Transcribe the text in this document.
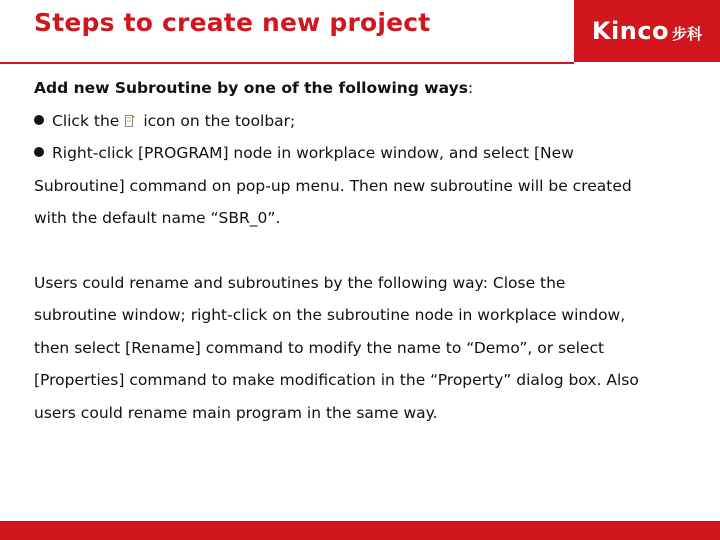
Steps to create new project	Kinco 步科
Add new Subroutine by one of the following ways:
Click the icon on the toolbar;
Right-click [PROGRAM] node in workplace window, and select [New
Subroutine] command on pop-up menu. Then new subroutine will be created
with the default name “SBR_0”.
Users could rename and subroutines by the following way: Close the
subroutine window; right-click on the subroutine node in workplace window,
then select [Rename] command to modify the name to “Demo”, or select
[Properties] command to make modification in the “Property” dialog box. Also
users could rename main program in the same way.
